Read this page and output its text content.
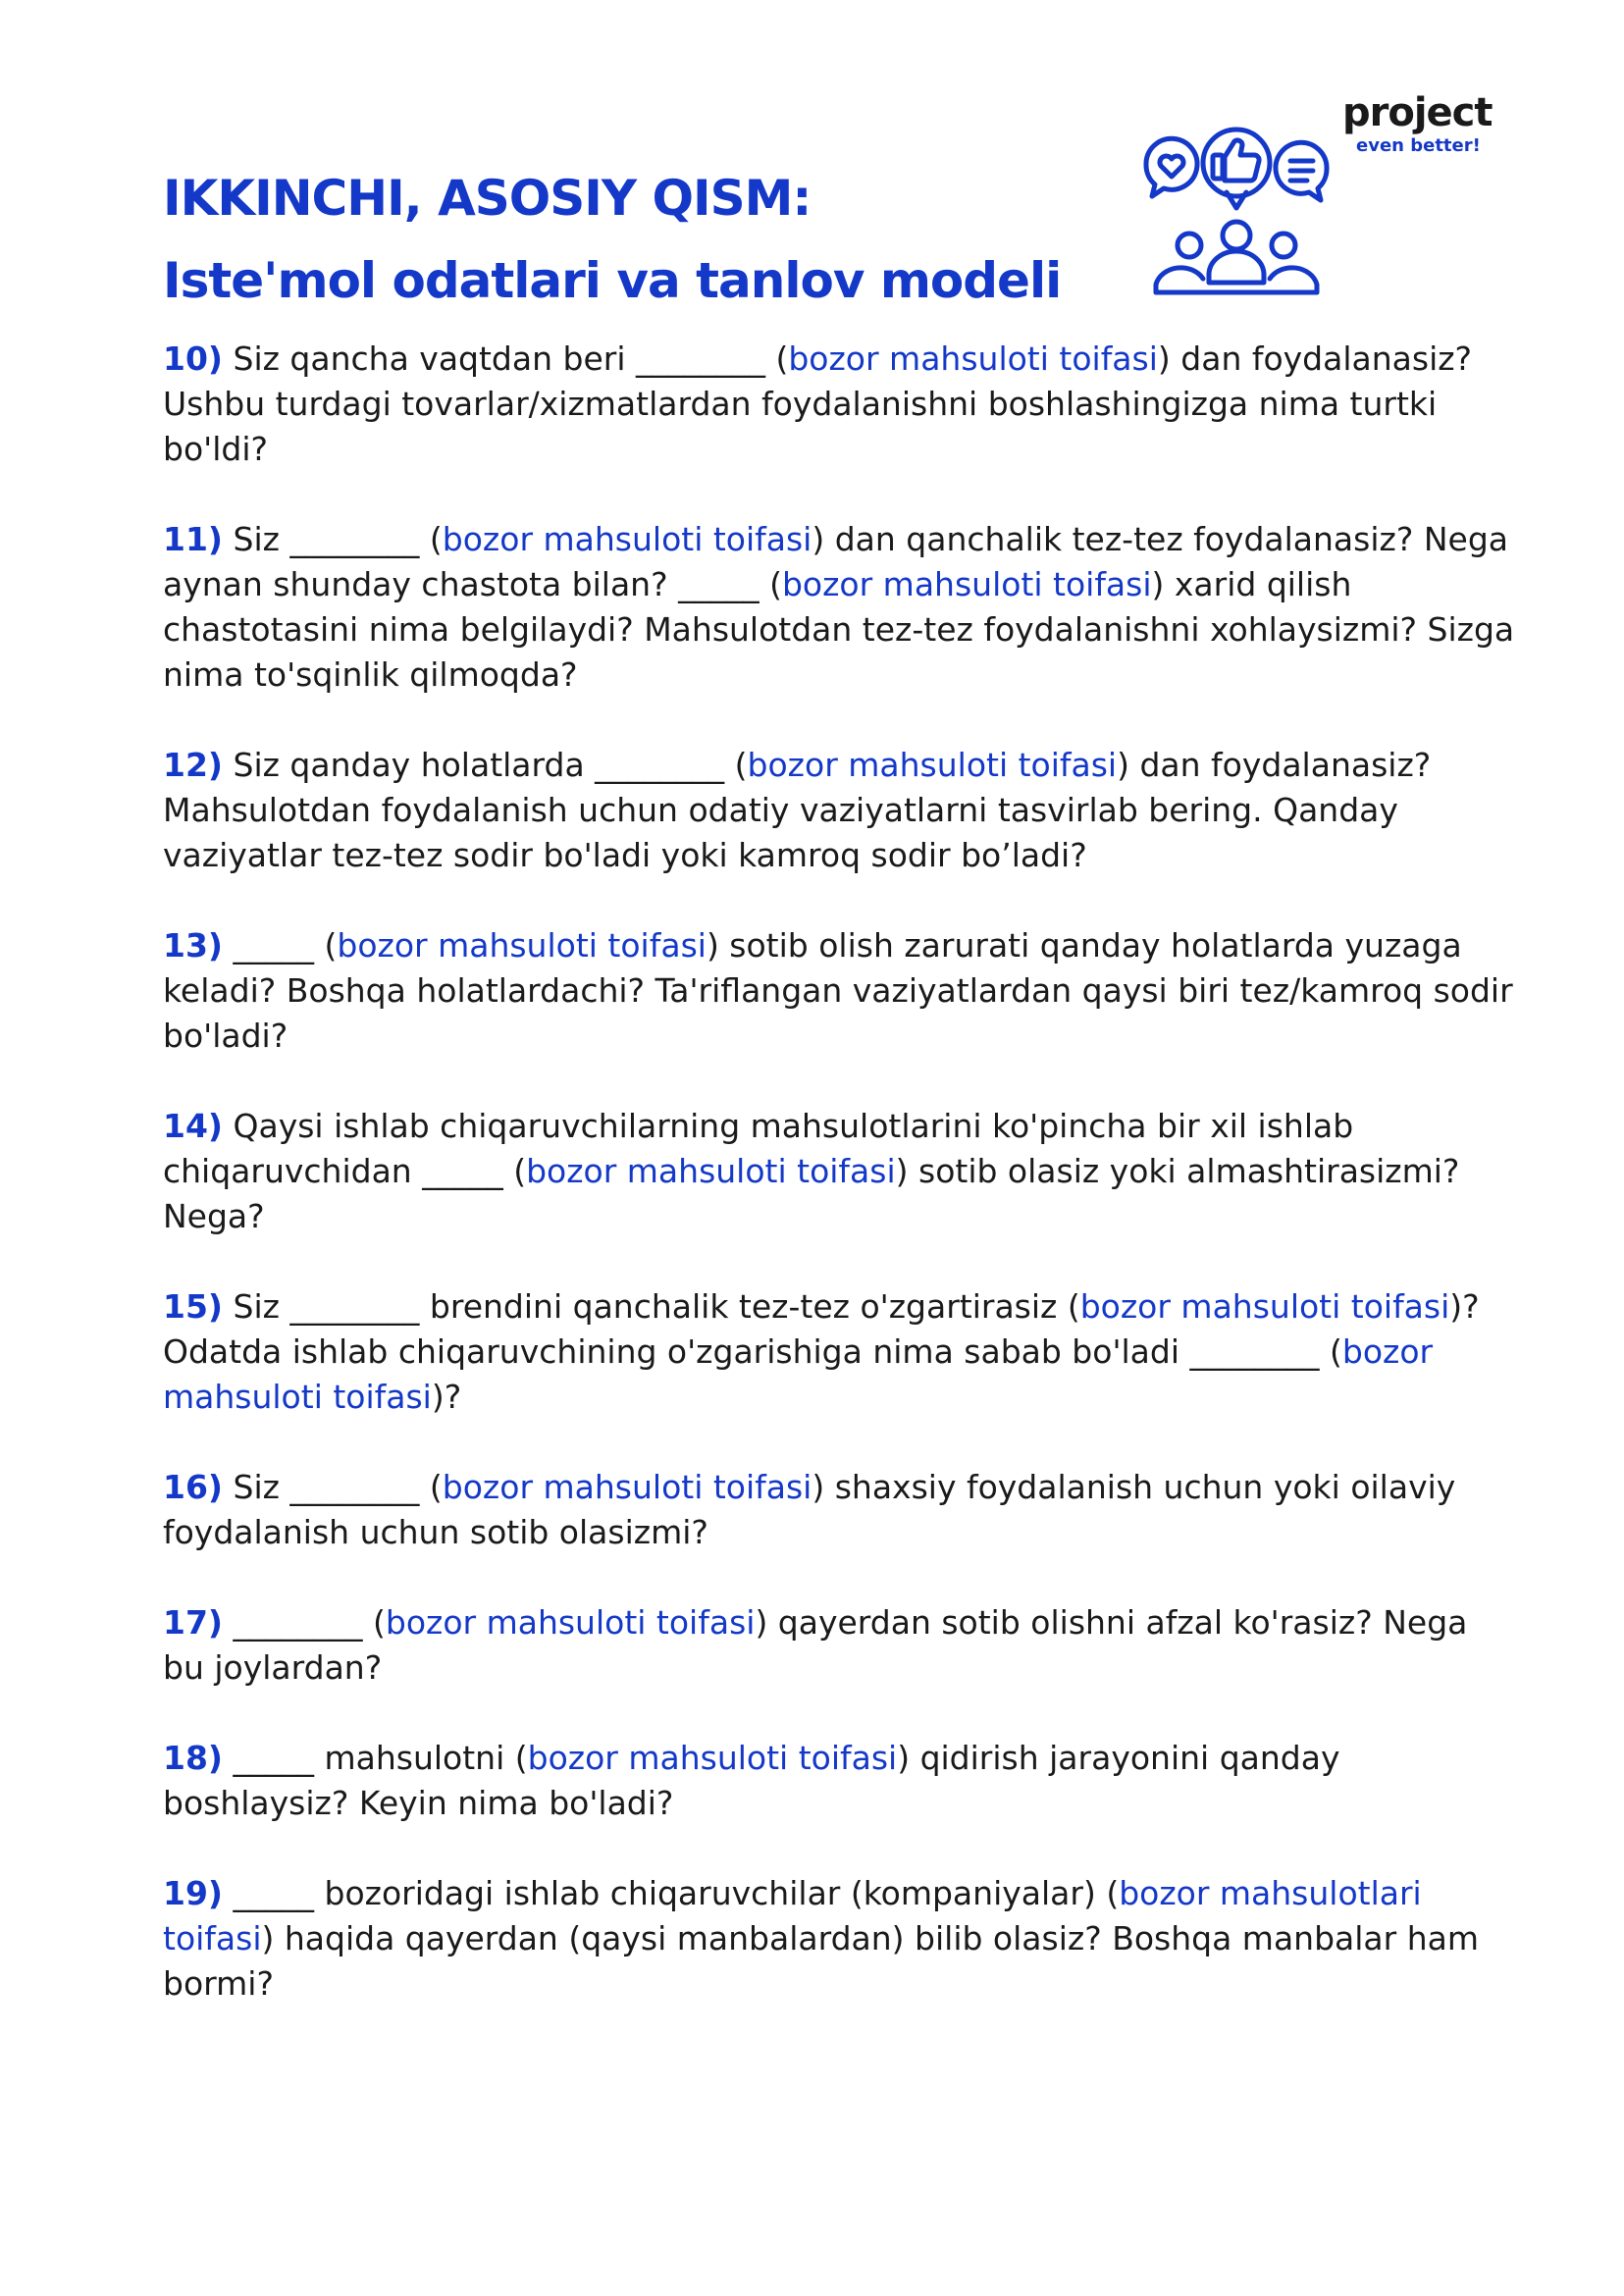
project
even better!
IKKINCHI, ASOSIY QISM:
Iste'mol odatlari va tanlov modeli

10) Siz qancha vaqtdan beri ________ (bozor mahsuloti toifasi) dan foydalanasiz? Ushbu turdagi tovarlar/xizmatlardan foydalanishni boshlashingizga nima turtki bo'ldi?

11) Siz ________ (bozor mahsuloti toifasi) dan qanchalik tez-tez foydalanasiz? Nega aynan shunday chastota bilan? _____ (bozor mahsuloti toifasi) xarid qilish chastotasini nima belgilaydi? Mahsulotdan tez-tez foydalanishni xohlaysizmi? Sizga nima to'sqinlik qilmoqda?

12) Siz qanday holatlarda ________ (bozor mahsuloti toifasi) dan foydalanasiz? Mahsulotdan foydalanish uchun odatiy vaziyatlarni tasvirlab bering. Qanday vaziyatlar tez-tez sodir bo'ladi yoki kamroq sodir bo’ladi?

13) _____ (bozor mahsuloti toifasi) sotib olish zarurati qanday holatlarda yuzaga keladi? Boshqa holatlardachi? Ta'riflangan vaziyatlardan qaysi biri tez/kamroq sodir bo'ladi?

14) Qaysi ishlab chiqaruvchilarning mahsulotlarini ko'pincha bir xil ishlab chiqaruvchidan _____ (bozor mahsuloti toifasi) sotib olasiz yoki almashtirasizmi? Nega?

15) Siz ________ brendini qanchalik tez-tez o'zgartirasiz (bozor mahsuloti toifasi)? Odatda ishlab chiqaruvchining o'zgarishiga nima sabab bo'ladi ________ (bozor mahsuloti toifasi)?

16) Siz ________ (bozor mahsuloti toifasi) shaxsiy foydalanish uchun yoki oilaviy foydalanish uchun sotib olasizmi?

17) ________ (bozor mahsuloti toifasi) qayerdan sotib olishni afzal ko'rasiz? Nega bu joylardan?

18) _____ mahsulotni (bozor mahsuloti toifasi) qidirish jarayonini qanday boshlaysiz? Keyin nima bo'ladi?

19) _____ bozoridagi ishlab chiqaruvchilar (kompaniyalar) (bozor mahsulotlari toifasi) haqida qayerdan (qaysi manbalardan) bilib olasiz? Boshqa manbalar ham bormi?
